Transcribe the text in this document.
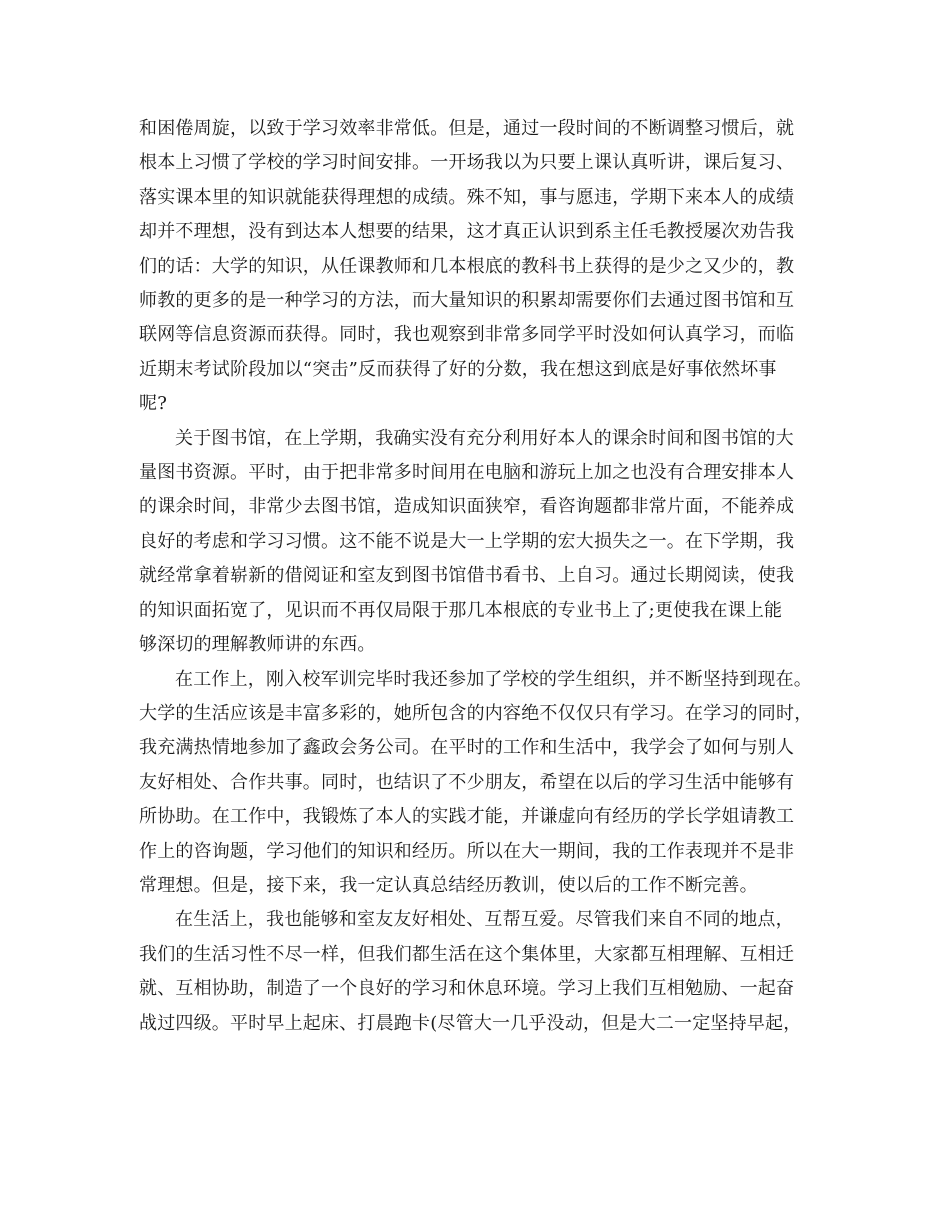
和困倦周旋，以致于学习效率非常低。但是，通过一段时间的不断调整习惯后，就
根本上习惯了学校的学习时间安排。一开场我以为只要上课认真听讲，课后复习、
落实课本里的知识就能获得理想的成绩。殊不知，事与愿违，学期下来本人的成绩
却并不理想，没有到达本人想要的结果，这才真正认识到系主任毛教授屡次劝告我
们的话：大学的知识，从任课教师和几本根底的教科书上获得的是少之又少的，教
师教的更多的是一种学习的方法，而大量知识的积累却需要你们去通过图书馆和互
联网等信息资源而获得。同时，我也观察到非常多同学平时没如何认真学习，而临
近期末考试阶段加以“突击”反而获得了好的分数，我在想这到底是好事依然坏事
呢?

关于图书馆，在上学期，我确实没有充分利用好本人的课余时间和图书馆的大
量图书资源。平时，由于把非常多时间用在电脑和游玩上加之也没有合理安排本人
的课余时间，非常少去图书馆，造成知识面狭窄，看咨询题都非常片面，不能养成
良好的考虑和学习习惯。这不能不说是大一上学期的宏大损失之一。在下学期，我
就经常拿着崭新的借阅证和室友到图书馆借书看书、上自习。通过长期阅读，使我
的知识面拓宽了，见识而不再仅局限于那几本根底的专业书上了;更使我在课上能
够深切的理解教师讲的东西。

在工作上，刚入校军训完毕时我还参加了学校的学生组织，并不断坚持到现在。
大学的生活应该是丰富多彩的，她所包含的内容绝不仅仅只有学习。在学习的同时，
我充满热情地参加了鑫政会务公司。在平时的工作和生活中，我学会了如何与别人
友好相处、合作共事。同时，也结识了不少朋友，希望在以后的学习生活中能够有
所协助。在工作中，我锻炼了本人的实践才能，并谦虚向有经历的学长学姐请教工
作上的咨询题，学习他们的知识和经历。所以在大一期间，我的工作表现并不是非
常理想。但是，接下来，我一定认真总结经历教训，使以后的工作不断完善。

在生活上，我也能够和室友友好相处、互帮互爱。尽管我们来自不同的地点，
我们的生活习性不尽一样，但我们都生活在这个集体里，大家都互相理解、互相迁
就、互相协助，制造了一个良好的学习和休息环境。学习上我们互相勉励、一起奋
战过四级。平时早上起床、打晨跑卡(尽管大一几乎没动，但是大二一定坚持早起，
